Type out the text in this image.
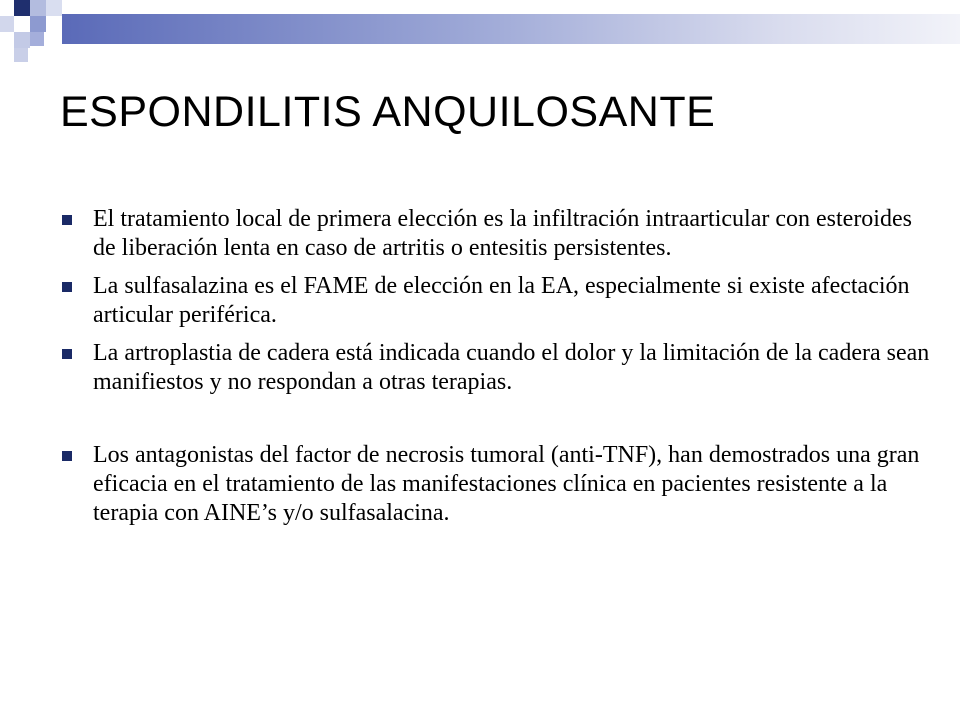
ESPONDILITIS ANQUILOSANTE
El tratamiento local de primera elección es la infiltración intraarticular con esteroides de liberación lenta en caso de artritis o entesitis persistentes.
La sulfasalazina es el FAME de elección en la EA, especialmente si existe afectación articular periférica.
La artroplastia de cadera está indicada cuando el dolor y la limitación de la cadera sean manifiestos y no respondan a otras terapias.
Los antagonistas del factor de necrosis tumoral (anti-TNF), han demostrados una gran eficacia en el tratamiento de las manifestaciones clínica en pacientes resistente a la terapia con AINE’s y/o sulfasalacina.
